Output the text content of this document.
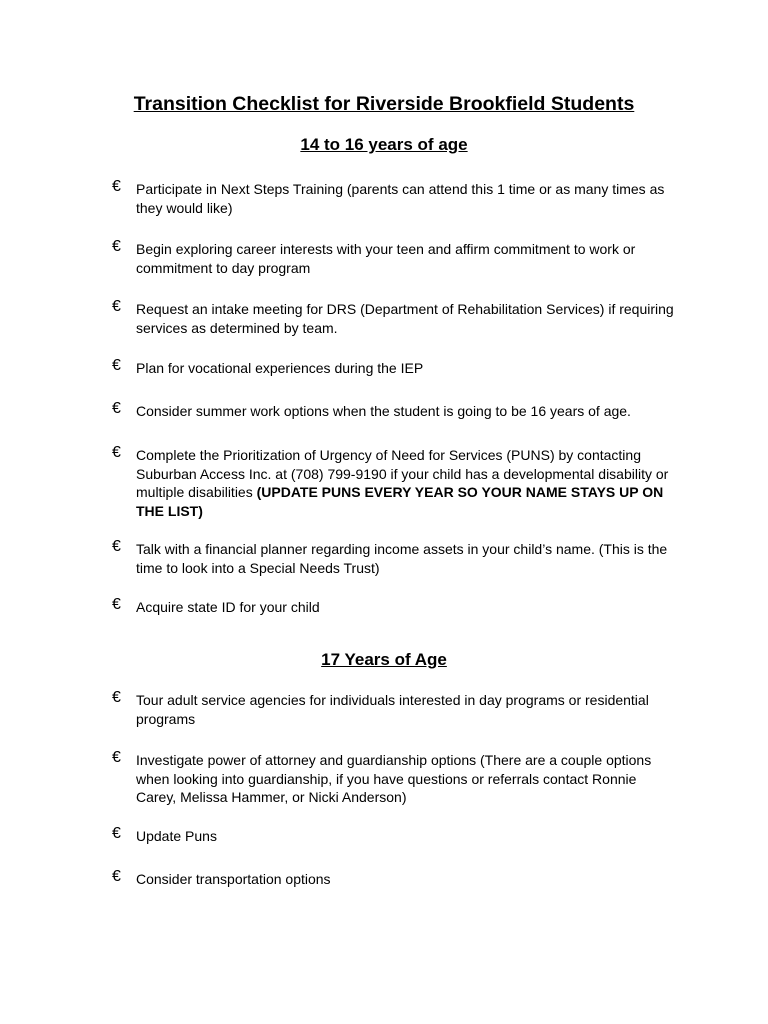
Transition Checklist for Riverside Brookfield Students
14 to 16 years of age
€ Participate in Next Steps Training (parents can attend this 1 time or as many times as they would like)
€ Begin exploring career interests with your teen and affirm commitment to work or commitment to day program
€ Request an intake meeting for DRS (Department of Rehabilitation Services) if requiring services as determined by team.
€ Plan for vocational experiences during the IEP
€ Consider summer work options when the student is going to be 16 years of age.
€ Complete the Prioritization of Urgency of Need for Services (PUNS) by contacting Suburban Access Inc. at (708) 799-9190 if your child has a developmental disability or multiple disabilities (UPDATE PUNS EVERY YEAR SO YOUR NAME STAYS UP ON THE LIST)
€ Talk with a financial planner regarding income assets in your child’s name. (This is the time to look into a Special Needs Trust)
€ Acquire state ID for your child
17 Years of Age
€ Tour adult service agencies for individuals interested in day programs or residential programs
€ Investigate power of attorney and guardianship options (There are a couple options when looking into guardianship, if you have questions or referrals contact Ronnie Carey, Melissa Hammer, or Nicki Anderson)
€ Update Puns
€ Consider transportation options
